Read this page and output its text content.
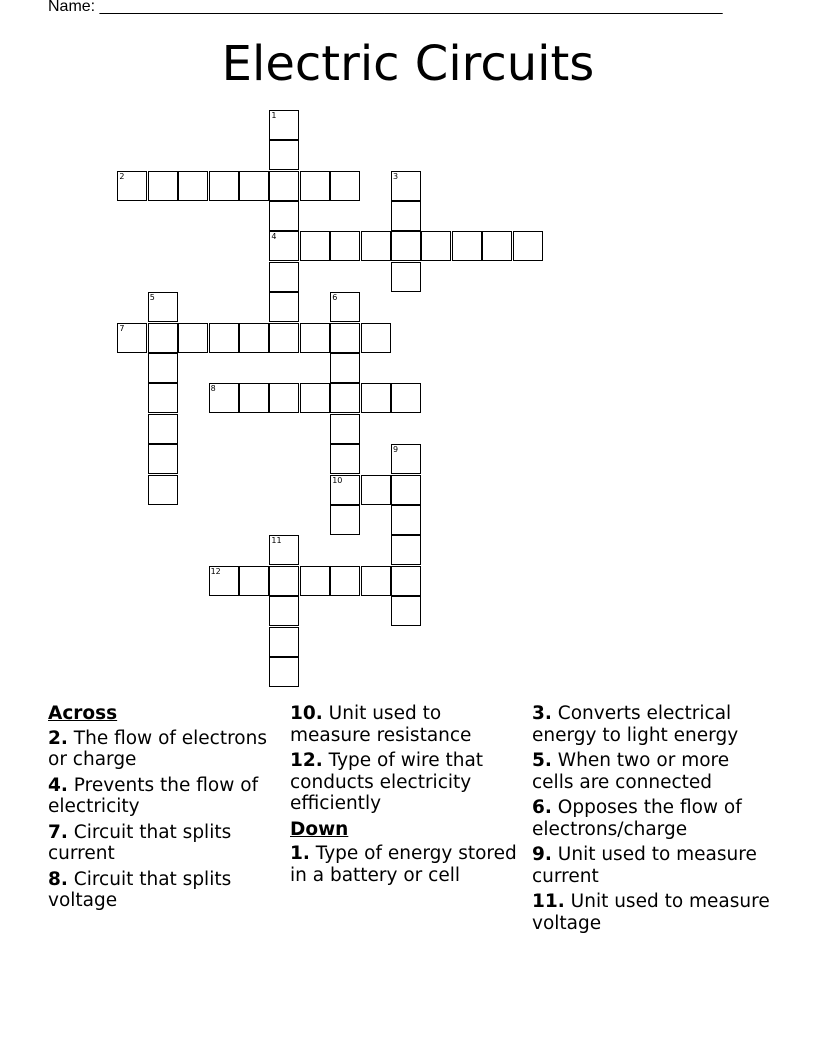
Name: ______________________________________________________________________
Electric Circuits
1
2	3
4
5	6
7
8
9
10
11
12
Across
2. The flow of electrons or charge
4. Prevents the flow of electricity
7. Circuit that splits current
8. Circuit that splits voltage
10. Unit used to measure resistance
12. Type of wire that conducts electricity efficiently
Down
1. Type of energy stored in a battery or cell
3. Converts electrical energy to light energy
5. When two or more cells are connected
6. Opposes the flow of electrons/charge
9. Unit used to measure current
11. Unit used to measure voltage
